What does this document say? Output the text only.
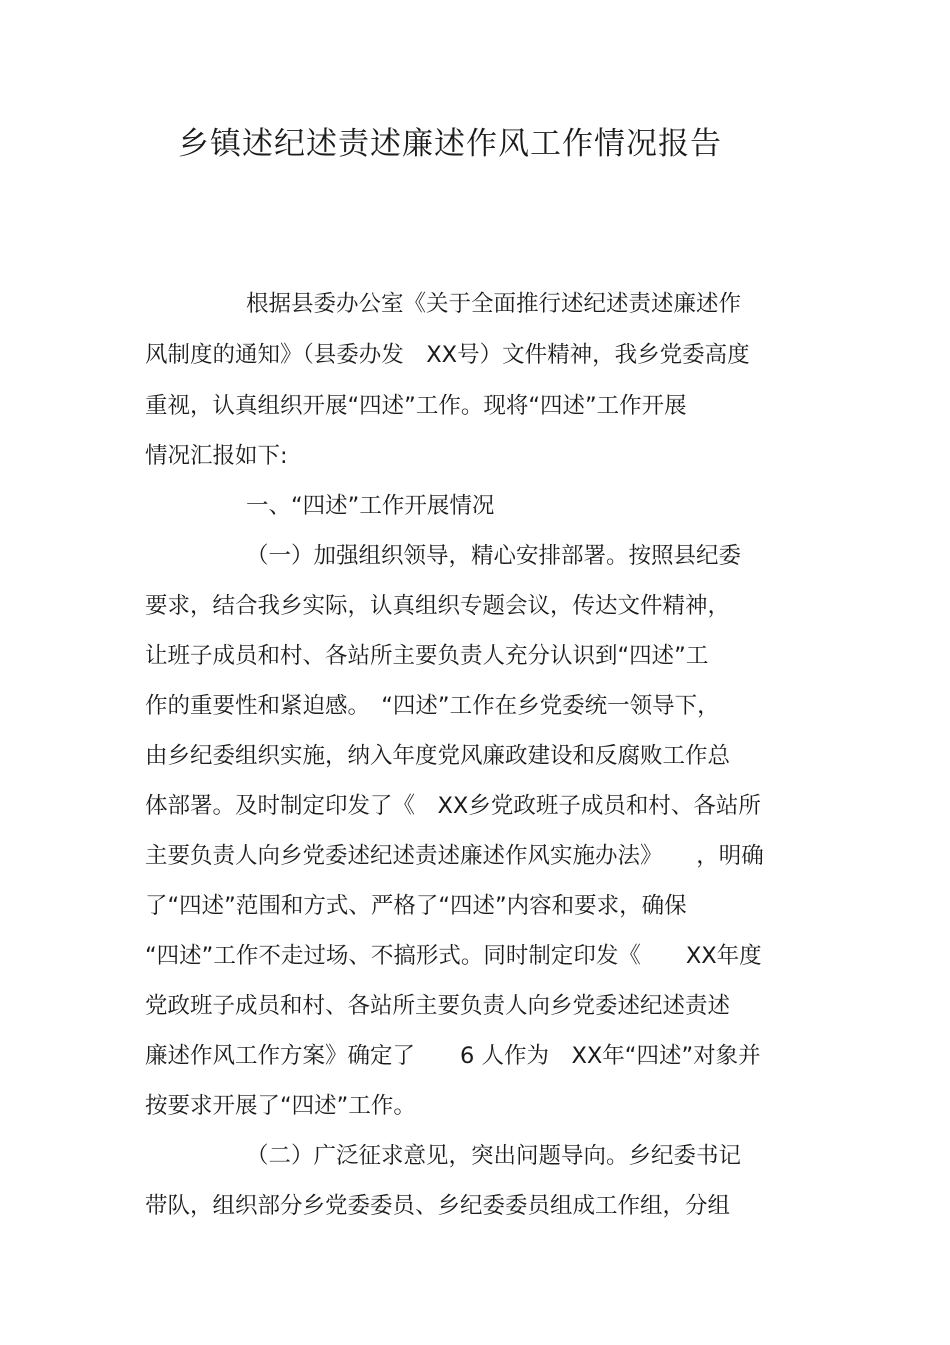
乡镇述纪述责述廉述作风工作情况报告
根据县委办公室《关于全面推行述纪述责述廉述作
风制度的通知》（县委办发　XX号）文件精神，我乡党委高度
重视，认真组织开展“四述”工作。现将“四述”工作开展
情况汇报如下:
一、“四述”工作开展情况
（一）加强组织领导，精心安排部署。按照县纪委
要求，结合我乡实际，认真组织专题会议，传达文件精神，
让班子成员和村、各站所主要负责人充分认识到“四述”工
作的重要性和紧迫感。　“四述”工作在乡党委统一领导下，
由乡纪委组织实施，纳入年度党风廉政建设和反腐败工作总
体部署。及时制定印发了《　XX乡党政班子成员和村、各站所
主要负责人向乡党委述纪述责述廉述作风实施办法》　　，明确
了“四述”范围和方式、严格了“四述”内容和要求，确保
“四述”工作不走过场、不搞形式。同时制定印发《　　XX年度
党政班子成员和村、各站所主要负责人向乡党委述纪述责述
廉述作风工作方案》确定了　　6 人作为　XX年“四述”对象并
按要求开展了“四述”工作。
（二）广泛征求意见，突出问题导向。乡纪委书记
带队，组织部分乡党委委员、乡纪委委员组成工作组，分组
